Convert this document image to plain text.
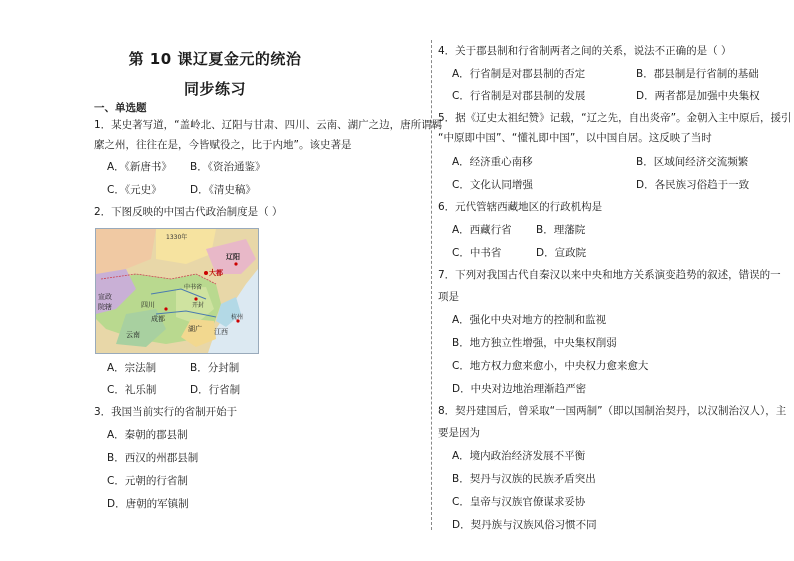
第 10 课辽夏金元的统治
同步练习
一、单选题
1．某史著写道，“盖岭北、辽阳与甘肃、四川、云南、湖广之边，唐所谓羁
縻之州，往往在是，今皆赋役之，比于内地”。该史著是
A．《新唐书》 B．《资治通鉴》
C．《元史》	D．《清史稿》
2．下图反映的中国古代政治制度是（ ）
1330年
大都
辽阳
中书省
成都
云南
四川
湖广 江西
宣政
院辖	开封
杭州
A．宗法制	B．分封制
C．礼乐制	D．行省制
3．我国当前实行的省制开始于
A．秦朝的郡县制
B．西汉的州郡县制
C．元朝的行省制
D．唐朝的军镇制
4．关于郡县制和行省制两者之间的关系，说法不正确的是（ ）
A．行省制是对郡县制的否定	B．郡县制是行省制的基础
C．行省制是对郡县制的发展	D．两者都是加强中央集权
5．据《辽史太祖纪赞》记载，“辽之先，自出炎帝”。金朝入主中原后，援引
“中原即中国”、“懂礼即中国”，以中国自居。这反映了当时
A．经济重心南移	B．区域间经济交流频繁
C．文化认同增强	D．各民族习俗趋于一致
6．元代管辖西藏地区的行政机构是
A．西藏行省 B．理藩院
C．中书省	D．宣政院
7．下列对我国古代自秦汉以来中央和地方关系演变趋势的叙述，错误的一
项是
A．强化中央对地方的控制和监视
B．地方独立性增强，中央集权削弱
C．地方权力愈来愈小，中央权力愈来愈大
D．中央对边地治理渐趋严密
8．契丹建国后，曾采取“一国两制”（即以国制治契丹，以汉制治汉人），主
要是因为
A．境内政治经济发展不平衡
B．契丹与汉族的民族矛盾突出
C．皇帝与汉族官僚谋求妥协
D．契丹族与汉族风俗习惯不同
